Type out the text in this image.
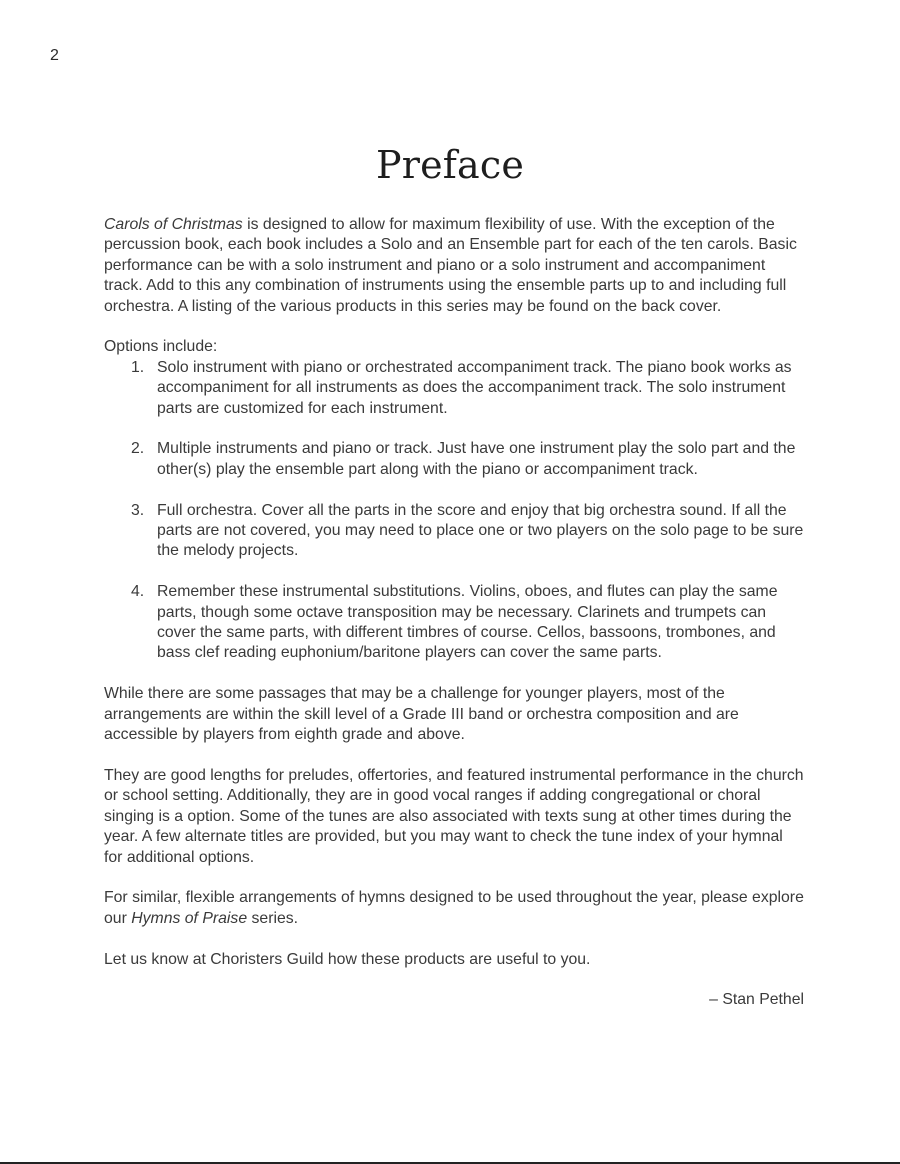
2
Preface

Carols of Christmas is designed to allow for maximum flexibility of use. With the exception of the percussion book, each book includes a Solo and an Ensemble part for each of the ten carols. Basic performance can be with a solo instrument and piano or a solo instrument and accompaniment track. Add to this any combination of instruments using the ensemble parts up to and including full orchestra. A listing of the various products in this series may be found on the back cover.

Options include:

1. Solo instrument with piano or orchestrated accompaniment track. The piano book works as accompaniment for all instruments as does the accompaniment track. The solo instrument parts are customized for each instrument.
2. Multiple instruments and piano or track. Just have one instrument play the solo part and the other(s) play the ensemble part along with the piano or accompaniment track.
3. Full orchestra. Cover all the parts in the score and enjoy that big orchestra sound. If all the parts are not covered, you may need to place one or two players on the solo page to be sure the melody projects.
4. Remember these instrumental substitutions. Violins, oboes, and flutes can play the same parts, though some octave transposition may be necessary. Clarinets and trumpets can cover the same parts, with different timbres of course. Cellos, bassoons, trombones, and bass clef reading euphonium/baritone players can cover the same parts.

While there are some passages that may be a challenge for younger players, most of the arrangements are within the skill level of a Grade III band or orchestra composition and are accessible by players from eighth grade and above.

They are good lengths for preludes, offertories, and featured instrumental performance in the church or school setting. Additionally, they are in good vocal ranges if adding congregational or choral singing is a option. Some of the tunes are also associated with texts sung at other times during the year. A few alternate titles are provided, but you may want to check the tune index of your hymnal for additional options.

For similar, flexible arrangements of hymns designed to be used throughout the year, please explore our Hymns of Praise series.

Let us know at Choristers Guild how these products are useful to you.

– Stan Pethel
